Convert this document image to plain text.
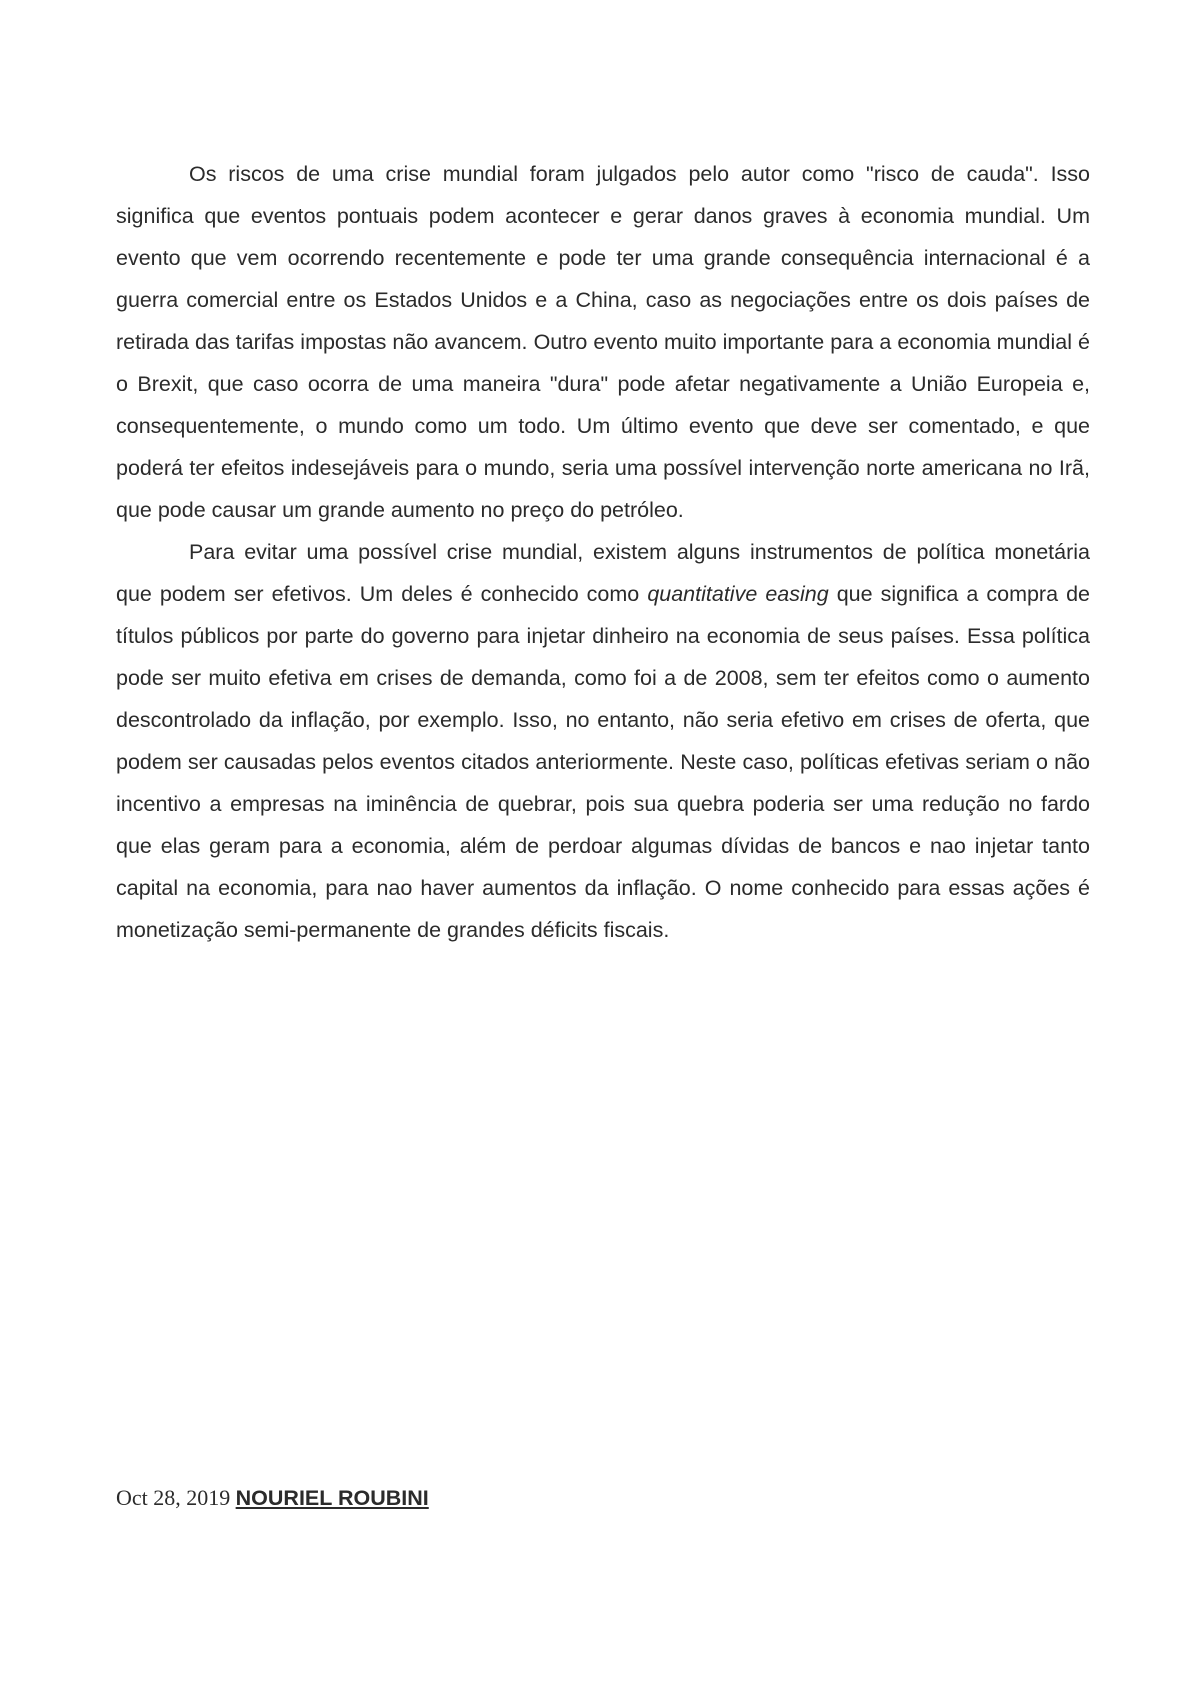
Os riscos de uma crise mundial foram julgados pelo autor como "risco de cauda". Isso significa que eventos pontuais podem acontecer e gerar danos graves à economia mundial. Um evento que vem ocorrendo recentemente e pode ter uma grande consequência internacional é a guerra comercial entre os Estados Unidos e a China, caso as negociações entre os dois países de retirada das tarifas impostas não avancem. Outro evento muito importante para a economia mundial é o Brexit, que caso ocorra de uma maneira "dura" pode afetar negativamente a União Europeia e, consequentemente, o mundo como um todo. Um último evento que deve ser comentado, e que poderá ter efeitos indesejáveis para o mundo, seria uma possível intervenção norte americana no Irã, que pode causar um grande aumento no preço do petróleo.

Para evitar uma possível crise mundial, existem alguns instrumentos de política monetária que podem ser efetivos. Um deles é conhecido como quantitative easing que significa a compra de títulos públicos por parte do governo para injetar dinheiro na economia de seus países. Essa política pode ser muito efetiva em crises de demanda, como foi a de 2008, sem ter efeitos como o aumento descontrolado da inflação, por exemplo. Isso, no entanto, não seria efetivo em crises de oferta, que podem ser causadas pelos eventos citados anteriormente. Neste caso, políticas efetivas seriam o não incentivo a empresas na iminência de quebrar, pois sua quebra poderia ser uma redução no fardo que elas geram para a economia, além de perdoar algumas dívidas de bancos e nao injetar tanto capital na economia, para nao haver aumentos da inflação. O nome conhecido para essas ações é monetização semi-permanente de grandes déficits fiscais.

Oct 28, 2019 NOURIEL ROUBINI
